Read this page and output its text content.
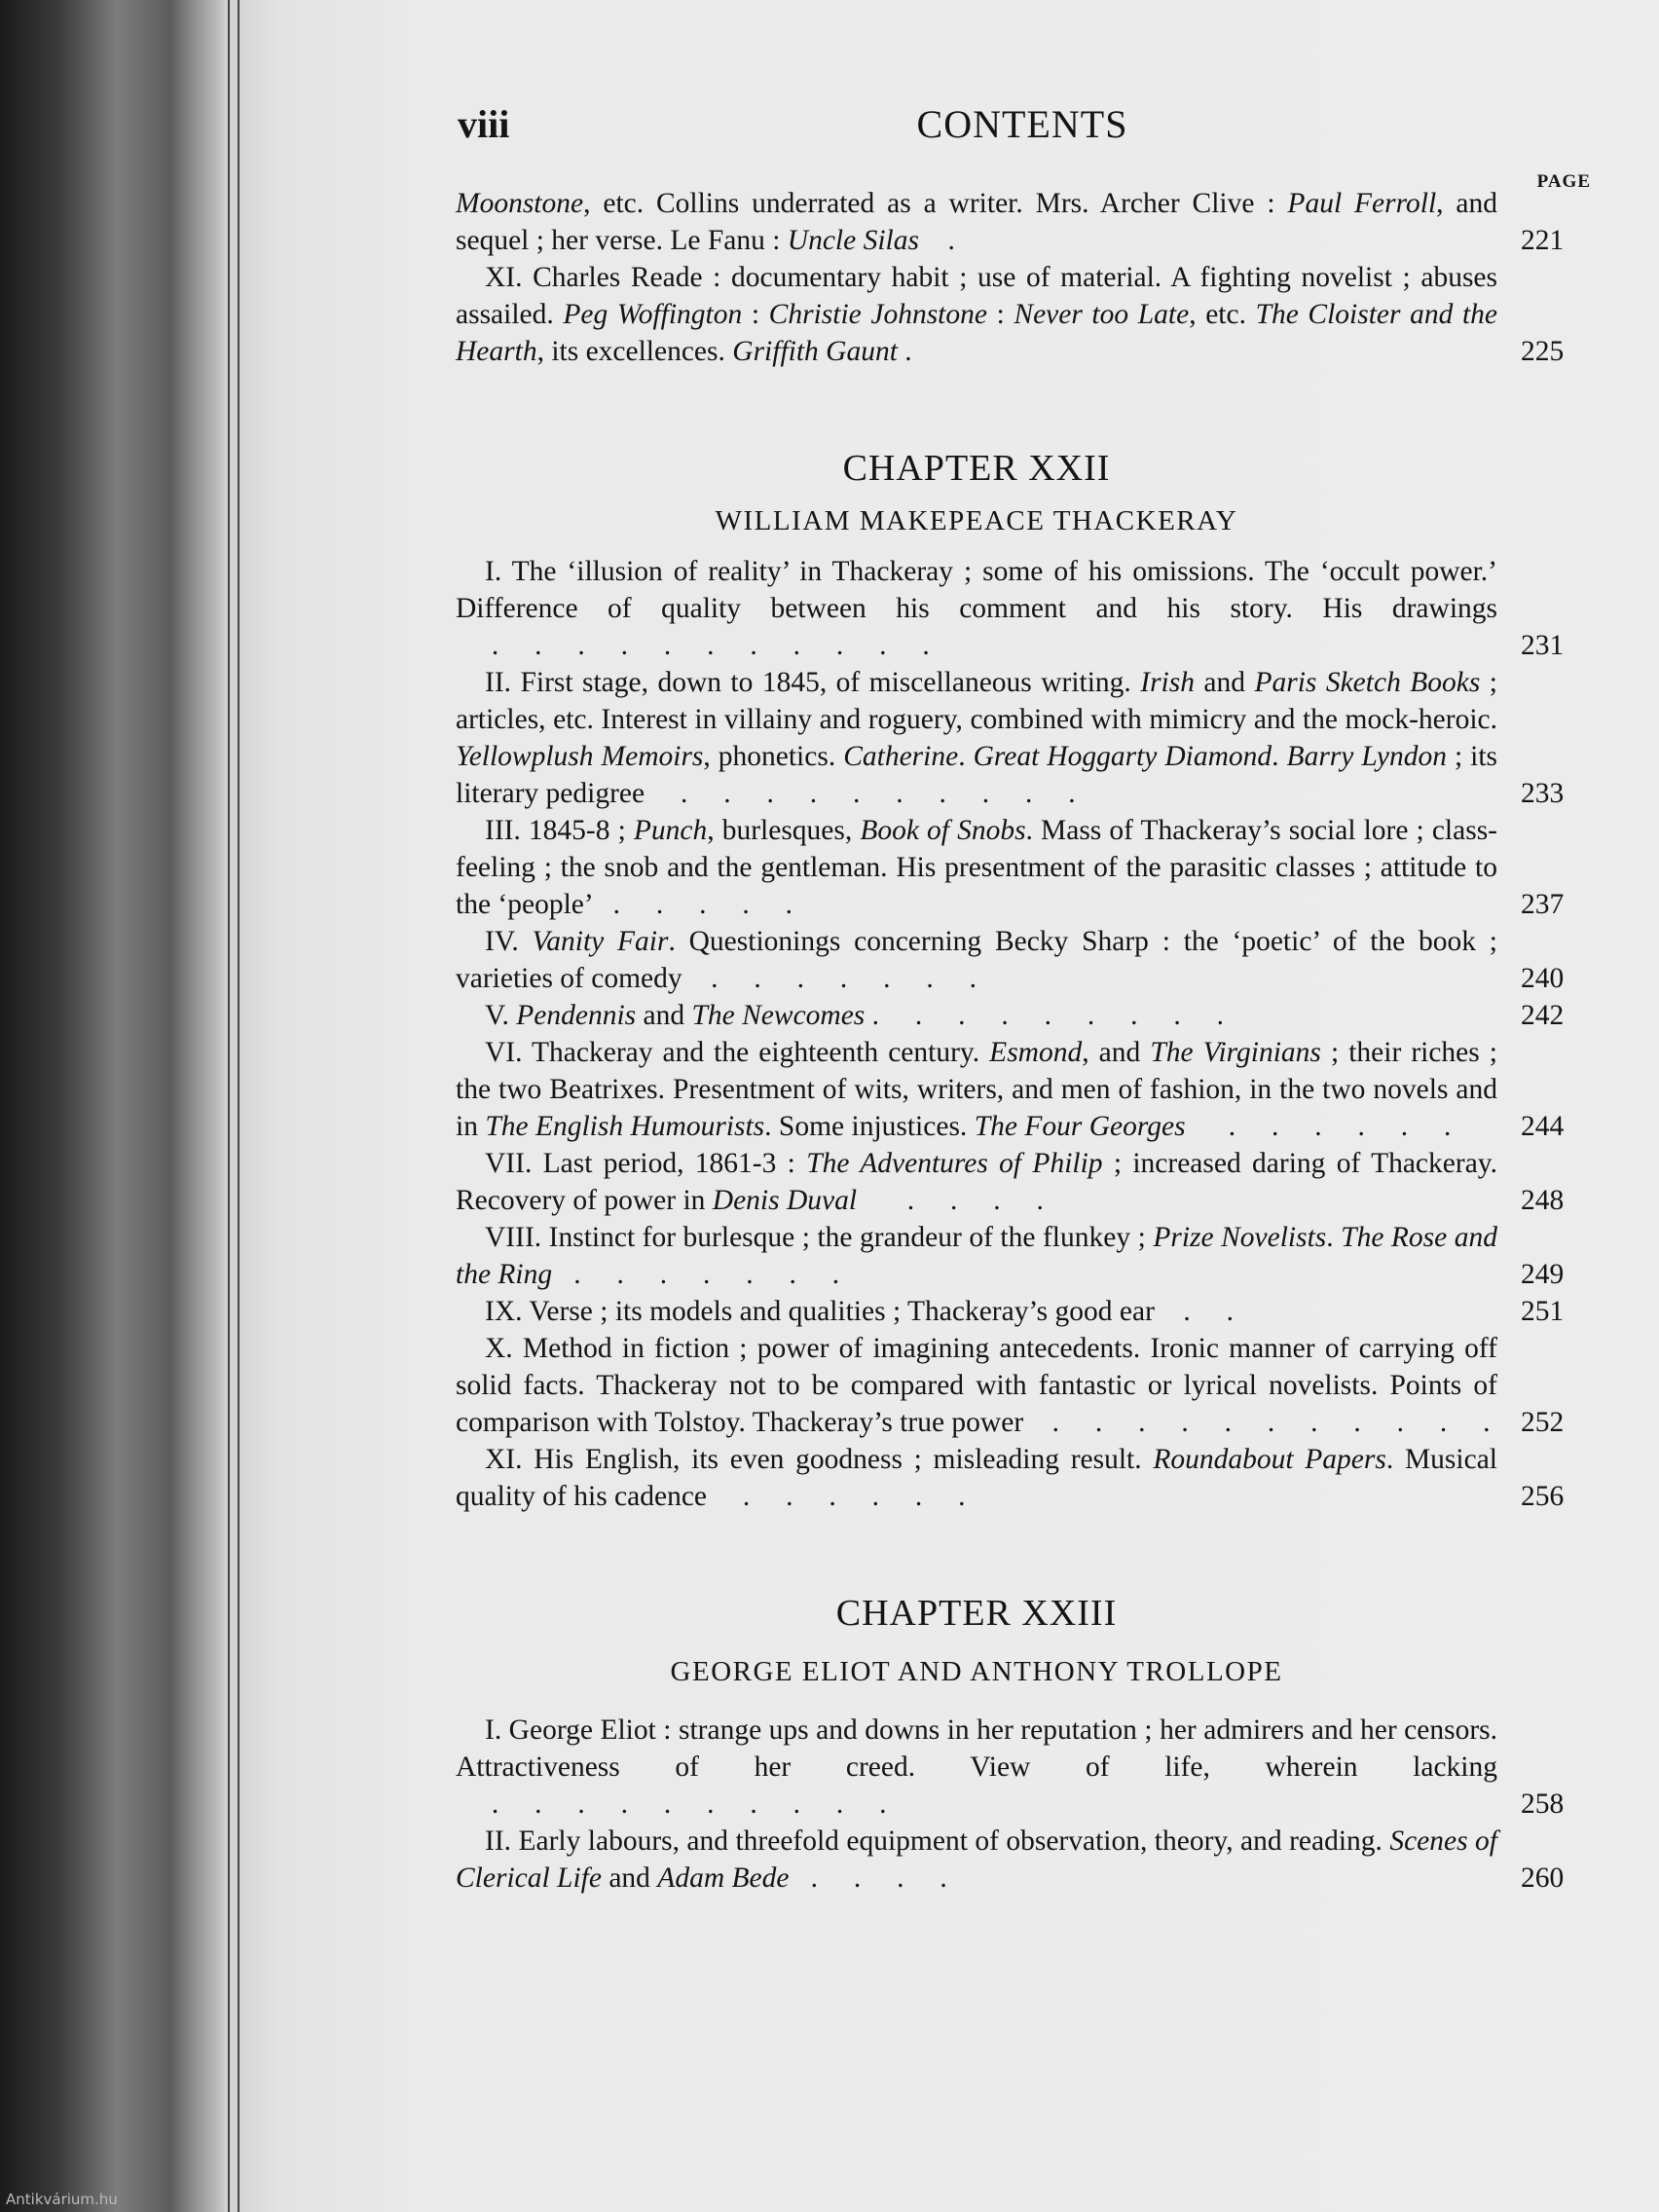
viii	CONTENTS
PAGE

Moonstone, etc. Collins underrated as a writer. Mrs. Archer Clive : Paul Ferroll, and sequel ; her verse. Le Fanu : Uncle Silas    .	221

XI. Charles Reade : documentary habit ; use of material. A fighting novelist ; abuses assailed. Peg Woffington : Christie Johnstone : Never too Late, etc. The Cloister and the Hearth, its excellences. Griffith Gaunt .	225

CHAPTER XXII

WILLIAM MAKEPEACE THACKERAY

I. The ‘illusion of reality’ in Thackeray ; some of his omissions. The ‘occult power.’ Difference of quality between his comment and his story. His drawings      .     .     .     .     .     .     .     .     .     .     .	231

II. First stage, down to 1845, of miscellaneous writing. Irish and Paris Sketch Books ; articles, etc. Interest in villainy and roguery, combined with mimicry and the mock-heroic. Yellowplush Memoirs, phonetics. Catherine. Great Hoggarty Diamond. Barry Lyndon ; its literary pedigree     .     .     .     .     .     .     .     .     .     .	233

III. 1845-8 ; Punch, burlesques, Book of Snobs. Mass of Thackeray’s social lore ; class-feeling ; the snob and the gentleman. His presentment of the parasitic classes ; attitude to the ‘people’   .     .     .     .     .	237

IV. Vanity Fair. Questionings concerning Becky Sharp : the ‘poetic’ of the book ; varieties of comedy    .     .     .     .     .     .     .	240

V. Pendennis and The Newcomes .     .     .     .     .     .     .     .     .	242

VI. Thackeray and the eighteenth century. Esmond, and The Virginians ; their riches ; the two Beatrixes. Presentment of wits, writers, and men of fashion, in the two novels and in The English Humourists. Some injustices. The Four Georges      .     .     .     .     .     .	244

VII. Last period, 1861-3 : The Adventures of Philip ; increased daring of Thackeray. Recovery of power in Denis Duval       .     .     .     .	248

VIII. Instinct for burlesque ; the grandeur of the flunkey ; Prize Novelists. The Rose and the Ring   .     .     .     .     .     .     .	249

IX. Verse ; its models and qualities ; Thackeray’s good ear    .     .	251

X. Method in fiction ; power of imagining antecedents. Ironic manner of carrying off solid facts. Thackeray not to be compared with fantastic or lyrical novelists. Points of comparison with Tolstoy. Thackeray’s true power    .     .     .     .     .     .     .     .     .     .     . 252

XI. His English, its even goodness ; misleading result. Roundabout Papers. Musical quality of his cadence     .     .     .     .     .     .	256

CHAPTER XXIII

GEORGE ELIOT AND ANTHONY TROLLOPE

I. George Eliot : strange ups and downs in her reputation ; her admirers and her censors. Attractiveness of her creed. View of life, wherein lacking      .     .     .     .     .     .     .     .     .     .	258

II. Early labours, and threefold equipment of observation, theory, and reading. Scenes of Clerical Life and Adam Bede   .     .     .     .	260
Antikvárium.hu
